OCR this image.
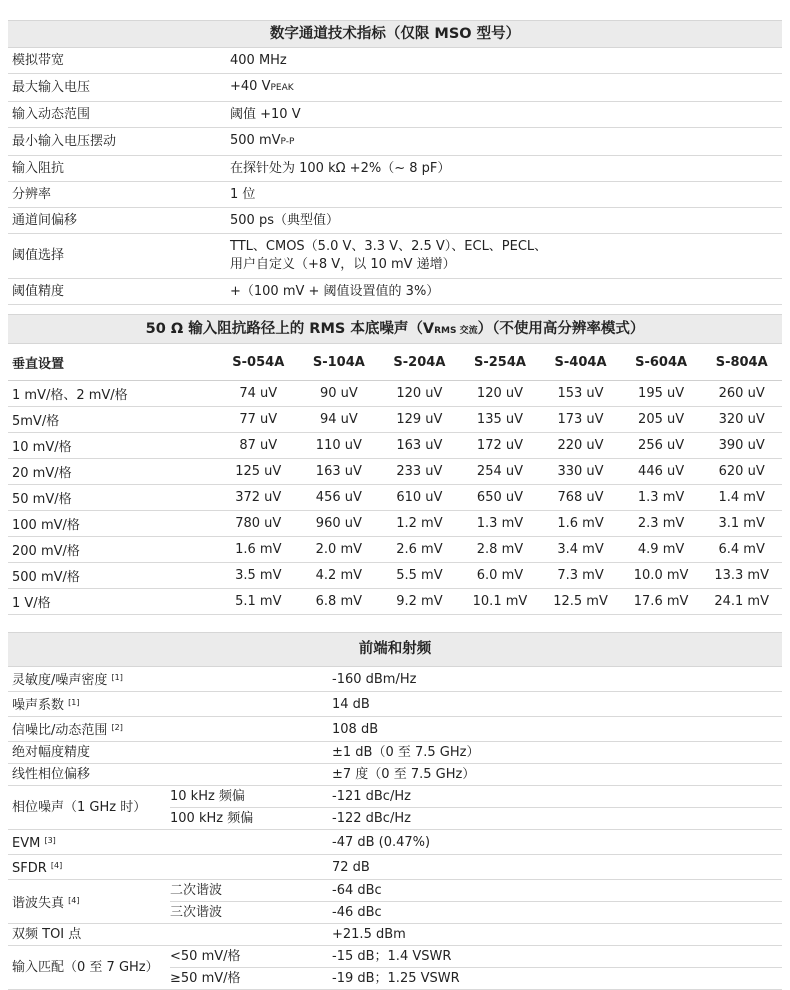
数字通道技术指标（仅限 MSO 型号）
模拟带宽	400 MHz
最大输入电压	+40 VPEAK
输入动态范围	阈值 +10 V
最小输入电压摆动	500 mVP-P
输入阻抗	在探针处为 100 kΩ +2%（~ 8 pF）
分辨率	1 位
通道间偏移	500 ps（典型值）
阈值选择	TTL、CMOS（5.0 V、3.3 V、2.5 V）、ECL、PECL、
用户自定义（+8 V，以 10 mV 递增）

阈值精度	+（100 mV + 阈值设置值的 3%）
50 Ω 输入阻抗路径上的 RMS 本底噪声（VRMS 交流）（不使用高分辨率模式）
垂直设置	S-054A	S-104A	S-204A	S-254A	S-404A	S-604A	S-804A
1 mV/格、2 mV/格	74 uV	90 uV	120 uV	120 uV	153 uV	195 uV	260 uV
5mV/格	77 uV	94 uV	129 uV	135 uV	173 uV	205 uV	320 uV
10 mV/格	87 uV	110 uV	163 uV	172 uV	220 uV	256 uV	390 uV
20 mV/格	125 uV	163 uV	233 uV	254 uV	330 uV	446 uV	620 uV
50 mV/格	372 uV	456 uV	610 uV	650 uV	768 uV	1.3 mV	1.4 mV
100 mV/格	780 uV	960 uV	1.2 mV	1.3 mV	1.6 mV	2.3 mV	3.1 mV
200 mV/格	1.6 mV	2.0 mV	2.6 mV	2.8 mV	3.4 mV	4.9 mV	6.4 mV
500 mV/格	3.5 mV	4.2 mV	5.5 mV	6.0 mV	7.3 mV	10.0 mV	13.3 mV
1 V/格	5.1 mV	6.8 mV	9.2 mV	10.1 mV	12.5 mV	17.6 mV	24.1 mV
前端和射频
灵敏度/噪声密度 [1]		-160 dBm/Hz
噪声系数 [1]		14 dB
信噪比/动态范围 [2]		108 dB
绝对幅度精度		±1 dB（0 至 7.5 GHz）
线性相位偏移		±7 度（0 至 7.5 GHz）
相位噪声（1 GHz 时）	10 kHz 频偏	-121 dBc/Hz
	100 kHz 频偏	-122 dBc/Hz
EVM [3]		-47 dB (0.47%)
SFDR [4]		72 dB
谐波失真 [4]	二次谐波	-64 dBc
	三次谐波	-46 dBc
双频 TOI 点		+21.5 dBm
输入匹配（0 至 7 GHz）	<50 mV/格	-15 dB；1.4 VSWR
	≥50 mV/格	-19 dB；1.25 VSWR
